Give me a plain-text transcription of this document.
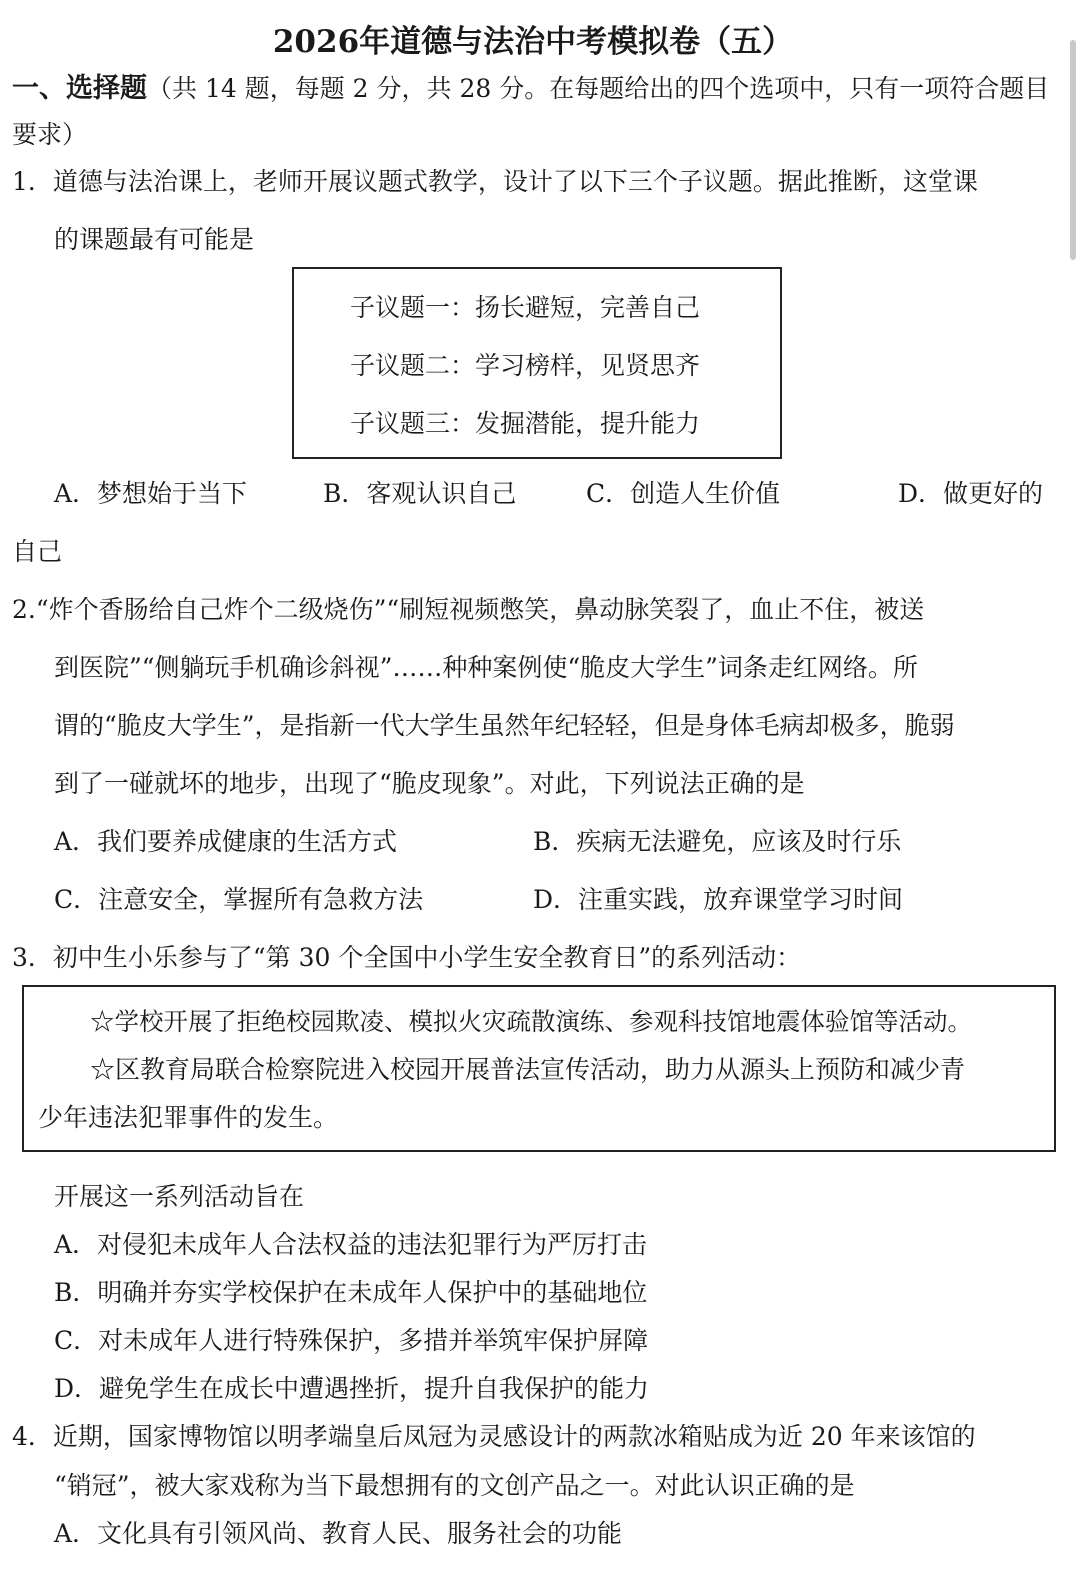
2026年道德与法治中考模拟卷（五）
一、选择题（共 14 题，每题 2 分，共 28 分。在每题给出的四个选项中，只有一项符合题目
要求）
1．道德与法治课上，老师开展议题式教学，设计了以下三个子议题。据此推断，这堂课
的课题最有可能是
子议题一：扬长避短，完善自己
子议题二：学习榜样，见贤思齐
子议题三：发掘潜能，提升能力
A．梦想始于当下	B．客观认识自己	C．创造人生价值	D．做更好的
自己
2.“炸个香肠给自己炸个二级烧伤”“刷短视频憋笑，鼻动脉笑裂了，血止不住，被送
到医院”“侧躺玩手机确诊斜视”……种种案例使“脆皮大学生”词条走红网络。所
谓的“脆皮大学生”，是指新一代大学生虽然年纪轻轻，但是身体毛病却极多，脆弱
到了一碰就坏的地步，出现了“脆皮现象”。对此，下列说法正确的是
A．我们要养成健康的生活方式	B．疾病无法避免，应该及时行乐
C．注意安全，掌握所有急救方法	D．注重实践，放弃课堂学习时间
3．初中生小乐参与了“第 30 个全国中小学生安全教育日”的系列活动：
☆学校开展了拒绝校园欺凌、模拟火灾疏散演练、参观科技馆地震体验馆等活动。
☆区教育局联合检察院进入校园开展普法宣传活动，助力从源头上预防和减少青
少年违法犯罪事件的发生。
开展这一系列活动旨在
A．对侵犯未成年人合法权益的违法犯罪行为严厉打击
B．明确并夯实学校保护在未成年人保护中的基础地位
C．对未成年人进行特殊保护，多措并举筑牢保护屏障
D．避免学生在成长中遭遇挫折，提升自我保护的能力
4．近期，国家博物馆以明孝端皇后凤冠为灵感设计的两款冰箱贴成为近 20 年来该馆的
“销冠”，被大家戏称为当下最想拥有的文创产品之一。对此认识正确的是
A．文化具有引领风尚、教育人民、服务社会的功能
